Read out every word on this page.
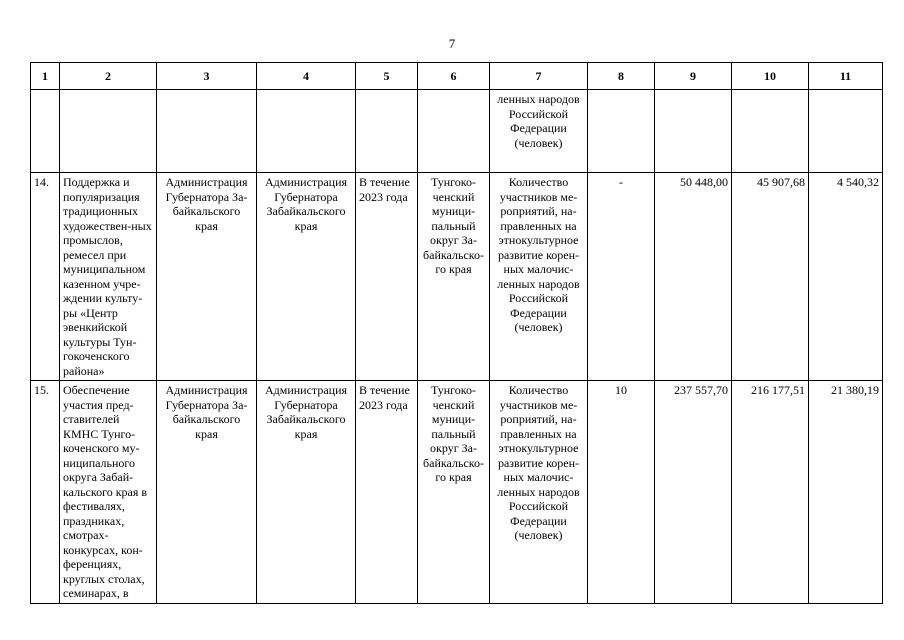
7
1	2	3	4	5	6	7	8	9	10	11
						ленных народов Российской Федерации (человек)				
14.	Поддержка и популяризация традиционных художествен-ных промыслов, ремесел при муниципальном казенном учре-ждении культу-ры «Центр эвенкийской культуры Тун-гокоченского района»	Администрация Губернатора За-байкальского края	Администрация Губернатора Забайкальского края	В течение 2023 года	Тунгоко-ченский муници-пальный округ За-байкальско-го края	Количество участников ме-роприятий, на-правленных на этнокультурное развитие корен-ных малочис-ленных народов Российской Федерации (человек)	-	50 448,00	45 907,68	4 540,32
15.	Обеспечение участия пред-ставителей КМНС Тунго-коченского му-ниципального округа Забай-кальского края в фестивалях, праздниках, смотрах-конкурсах, кон-ференциях, круглых столах, семинарах, в	Администрация Губернатора За-байкальского края	Администрация Губернатора Забайкальского края	В течение 2023 года	Тунгоко-ченский муници-пальный округ За-байкальско-го края	Количество участников ме-роприятий, на-правленных на этнокультурное развитие корен-ных малочис-ленных народов Российской Федерации (человек)	10	237 557,70	216 177,51	21 380,19
